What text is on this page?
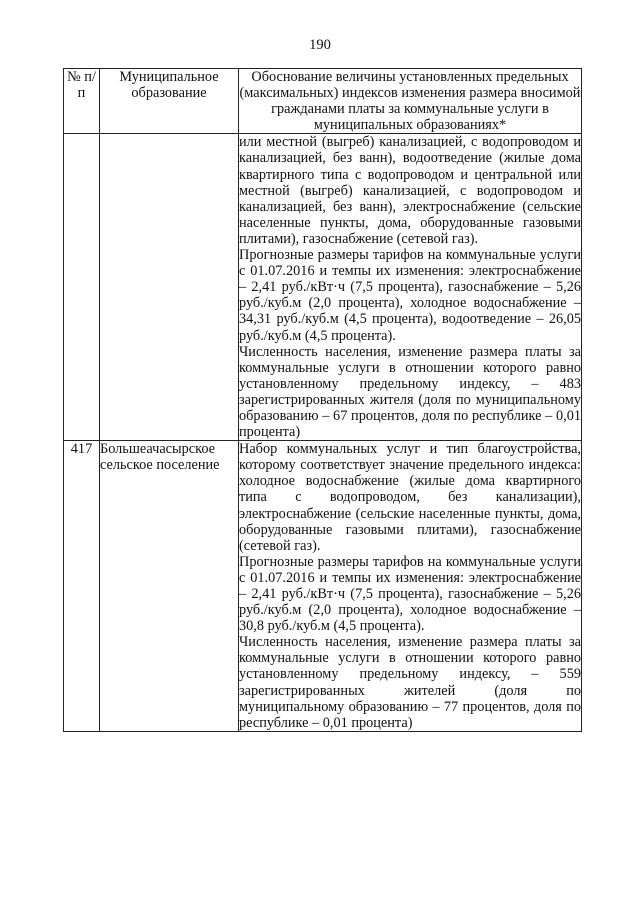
190
№ п/п	Муниципальное образование	Обоснование величины установленных предельных (максимальных) индексов изменения размера вносимой гражданами платы за коммунальные услуги в муниципальных образованиях*

		или местной (выгреб) канализацией, с водопроводом и канализацией, без ванн), водоотведение (жилые дома квартирного типа с водопроводом и центральной или местной (выгреб) канализацией, с водопроводом и канализацией, без ванн), электроснабжение (сельские населенные пункты, дома, оборудованные газовыми плитами), газоснабжение (сетевой газ).

Прогнозные размеры тарифов на коммунальные услуги с 01.07.2016 и темпы их изменения: электроснабжение – 2,41 руб./кВт·ч (7,5 процента), газоснабжение – 5,26 руб./куб.м (2,0 процента), холодное водоснабжение – 34,31 руб./куб.м (4,5 процента), водоотведение – 26,05 руб./куб.м (4,5 процента).

Численность населения, изменение размера платы за коммунальные услуги в отношении которого равно установленному предельному индексу, – 483 зарегистрированных жителя (доля по муниципальному образованию – 67 процентов, доля по республике – 0,01 процента)

417	Большеачасырское сельское поселение	Набор коммунальных услуг и тип благоустройства, которому соответствует значение предельного индекса: холодное водоснабжение (жилые дома квартирного типа с водопроводом, без канализации), электроснабжение (сельские населенные пункты, дома, оборудованные газовыми плитами), газоснабжение (сетевой газ).

Прогнозные размеры тарифов на коммунальные услуги с 01.07.2016 и темпы их изменения: электроснабжение – 2,41 руб./кВт·ч (7,5 процента), газоснабжение – 5,26 руб./куб.м (2,0 процента), холодное водоснабжение – 30,8 руб./куб.м (4,5 процента).

Численность населения, изменение размера платы за коммунальные услуги в отношении которого равно установленному предельному индексу, – 559 зарегистрированных жителей (доля по муниципальному образованию – 77 процентов, доля по республике – 0,01 процента)
